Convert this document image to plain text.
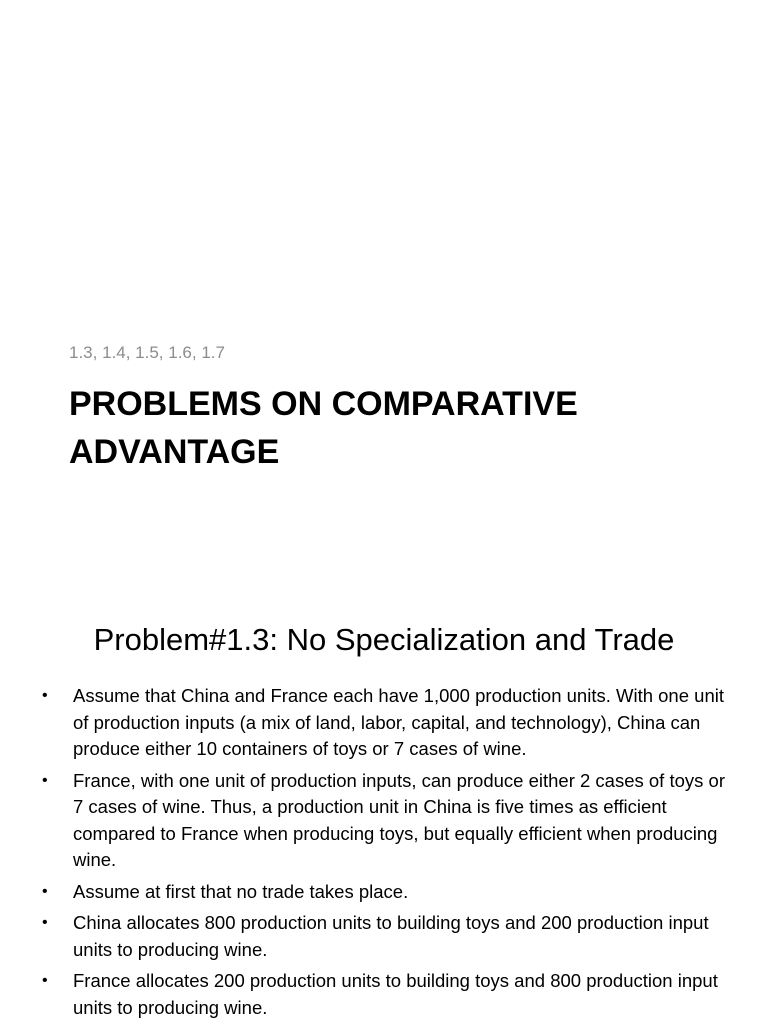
1.3, 1.4, 1.5, 1.6, 1.7
PROBLEMS ON COMPARATIVE ADVANTAGE
Problem#1.3: No Specialization and Trade
• Assume that China and France each have 1,000 production units. With one unit of production inputs (a mix of land, labor, capital, and technology), China can produce either 10 containers of toys or 7 cases of wine.
• France, with one unit of production inputs, can produce either 2 cases of toys or 7 cases of wine. Thus, a production unit in China is five times as efficient compared to France when producing toys, but equally efficient when producing wine.
• Assume at first that no trade takes place.
• China allocates 800 production units to building toys and 200 production input units to producing wine.
• France allocates 200 production units to building toys and 800 production input units to producing wine.
